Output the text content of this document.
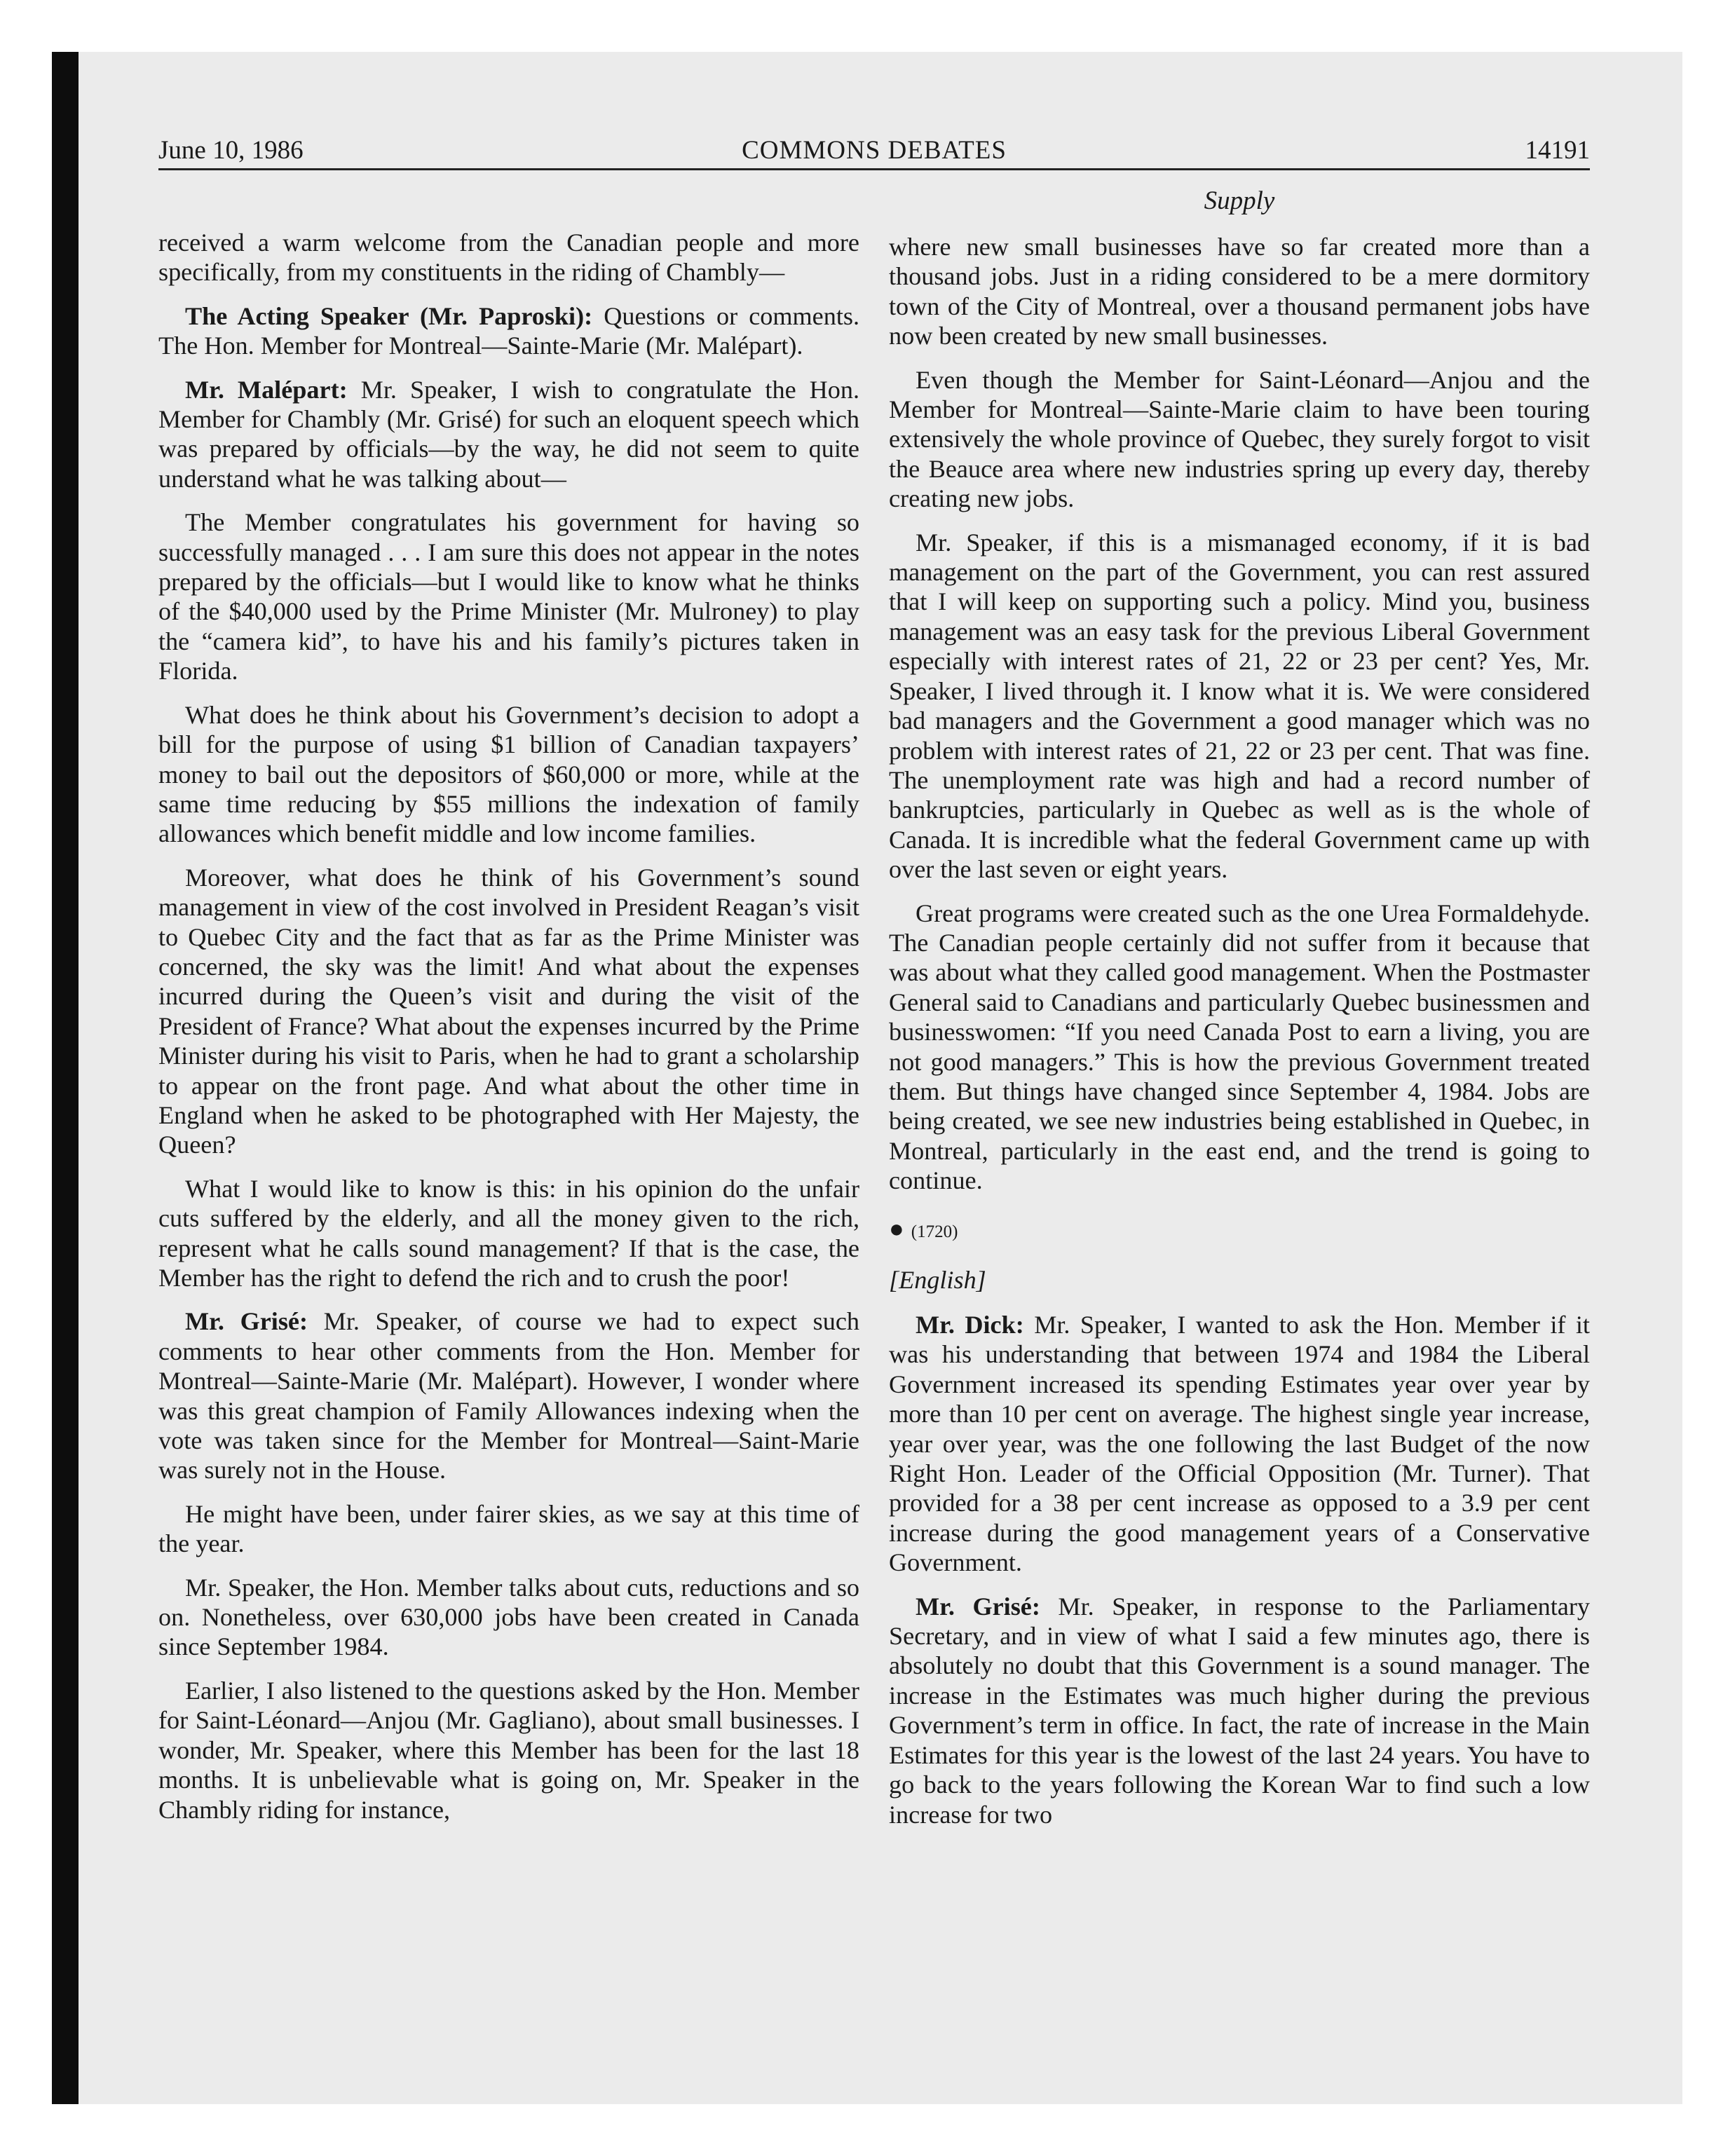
June 10, 1986	COMMONS DEBATES	14191
Supply

received a warm welcome from the Canadian people and more specifically, from my constituents in the riding of Chambly—

The Acting Speaker (Mr. Paproski): Questions or comments. The Hon. Member for Montreal—Sainte-Marie (Mr. Malépart).

Mr. Malépart: Mr. Speaker, I wish to congratulate the Hon. Member for Chambly (Mr. Grisé) for such an eloquent speech which was prepared by officials—by the way, he did not seem to quite understand what he was talking about—

The Member congratulates his government for having so successfully managed . . . I am sure this does not appear in the notes prepared by the officials—but I would like to know what he thinks of the $40,000 used by the Prime Minister (Mr. Mulroney) to play the “camera kid”, to have his and his family’s pictures taken in Florida.

What does he think about his Government’s decision to adopt a bill for the purpose of using $1 billion of Canadian taxpayers’ money to bail out the depositors of $60,000 or more, while at the same time reducing by $55 millions the indexation of family allowances which benefit middle and low income families.

Moreover, what does he think of his Government’s sound management in view of the cost involved in President Reagan’s visit to Quebec City and the fact that as far as the Prime Minister was concerned, the sky was the limit! And what about the expenses incurred during the Queen’s visit and during the visit of the President of France? What about the expenses incurred by the Prime Minister during his visit to Paris, when he had to grant a scholarship to appear on the front page. And what about the other time in England when he asked to be photographed with Her Majesty, the Queen?

What I would like to know is this: in his opinion do the unfair cuts suffered by the elderly, and all the money given to the rich, represent what he calls sound management? If that is the case, the Member has the right to defend the rich and to crush the poor!

Mr. Grisé: Mr. Speaker, of course we had to expect such comments to hear other comments from the Hon. Member for Montreal—Sainte-Marie (Mr. Malépart). However, I wonder where was this great champion of Family Allowances indexing when the vote was taken since for the Member for Montreal—Saint-Marie was surely not in the House.

He might have been, under fairer skies, as we say at this time of the year.

Mr. Speaker, the Hon. Member talks about cuts, reductions and so on. Nonetheless, over 630,000 jobs have been created in Canada since September 1984.

Earlier, I also listened to the questions asked by the Hon. Member for Saint-Léonard—Anjou (Mr. Gagliano), about small businesses. I wonder, Mr. Speaker, where this Member has been for the last 18 months. It is unbelievable what is going on, Mr. Speaker in the Chambly riding for instance,

where new small businesses have so far created more than a thousand jobs. Just in a riding considered to be a mere dormitory town of the City of Montreal, over a thousand permanent jobs have now been created by new small businesses.

Even though the Member for Saint-Léonard—Anjou and the Member for Montreal—Sainte-Marie claim to have been touring extensively the whole province of Quebec, they surely forgot to visit the Beauce area where new industries spring up every day, thereby creating new jobs.

Mr. Speaker, if this is a mismanaged economy, if it is bad management on the part of the Government, you can rest assured that I will keep on supporting such a policy. Mind you, business management was an easy task for the previous Liberal Government especially with interest rates of 21, 22 or 23 per cent? Yes, Mr. Speaker, I lived through it. I know what it is. We were considered bad managers and the Government a good manager which was no problem with interest rates of 21, 22 or 23 per cent. That was fine. The unemployment rate was high and had a record number of bankruptcies, particularly in Quebec as well as is the whole of Canada. It is incredible what the federal Government came up with over the last seven or eight years.

Great programs were created such as the one Urea Formaldehyde. The Canadian people certainly did not suffer from it because that was about what they called good management. When the Postmaster General said to Canadians and particularly Quebec businessmen and businesswomen: “If you need Canada Post to earn a living, you are not good managers.” This is how the previous Government treated them. But things have changed since September 4, 1984. Jobs are being created, we see new industries being established in Quebec, in Montreal, particularly in the east end, and the trend is going to continue.

● (1720)

[English]

Mr. Dick: Mr. Speaker, I wanted to ask the Hon. Member if it was his understanding that between 1974 and 1984 the Liberal Government increased its spending Estimates year over year by more than 10 per cent on average. The highest single year increase, year over year, was the one following the last Budget of the now Right Hon. Leader of the Official Opposition (Mr. Turner). That provided for a 38 per cent increase as opposed to a 3.9 per cent increase during the good management years of a Conservative Government.

Mr. Grisé: Mr. Speaker, in response to the Parliamentary Secretary, and in view of what I said a few minutes ago, there is absolutely no doubt that this Government is a sound manager. The increase in the Estimates was much higher during the previous Government’s term in office. In fact, the rate of increase in the Main Estimates for this year is the lowest of the last 24 years. You have to go back to the years following the Korean War to find such a low increase for two
